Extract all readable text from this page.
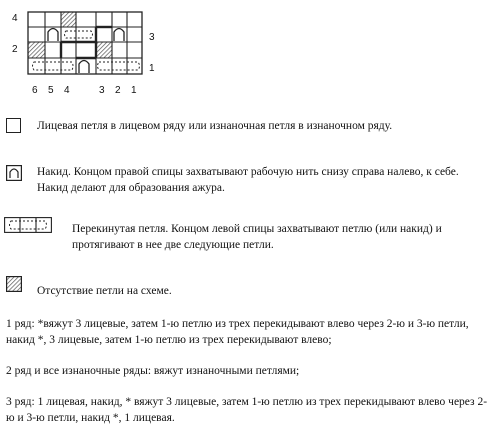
4
2
3
1
6 5 4	3 2 1
Лицевая петля в лицевом ряду или изнаночная петля в изнаночном ряду.
Накид. Концом правой спицы захватывают рабочую нить снизу справа налево, к себе. Накид делают для образования ажура.
Перекинутая петля. Концом левой спицы захватывают петлю (или накид) и протягивают в нее две следующие петли.
Отсутствие петли на схеме.
1 ряд: *вяжут 3 лицевые, затем 1-ю петлю из трех перекидывают влево через 2-ю и 3-ю петли, накид *, 3 лицевые, затем 1-ю петлю из трех перекидывают влево;
2 ряд и все изнаночные ряды: вяжут изнаночными петлями;
3 ряд: 1 лицевая, накид, * вяжут 3 лицевые, затем 1-ю петлю из трех перекидывают влево через 2-ю и 3-ю петли, накид *, 1 лицевая.
